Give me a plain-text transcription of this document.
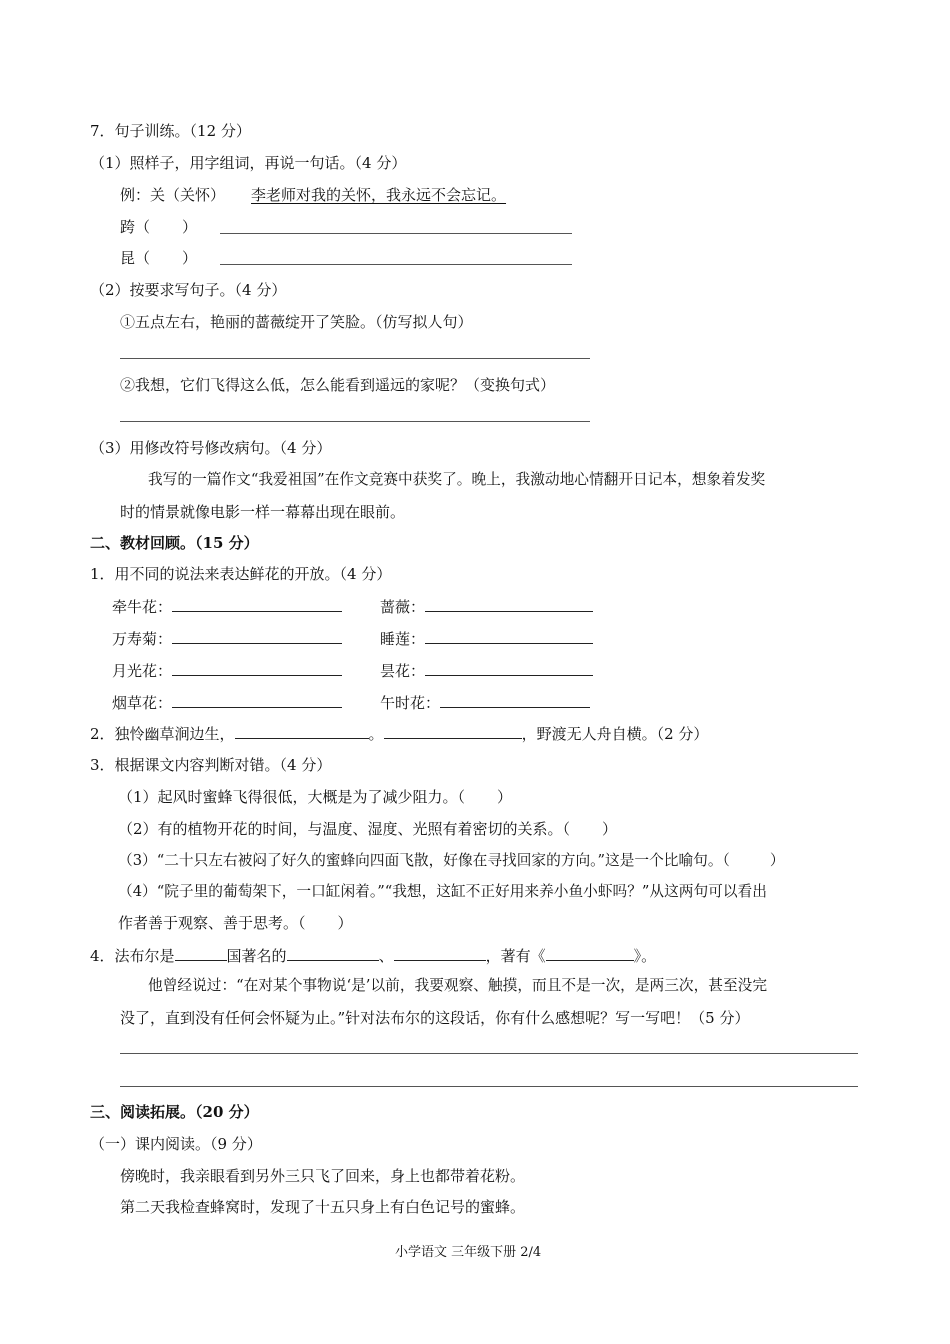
7．句子训练。（12 分）
（1）照样子，用字组词，再说一句话。（4 分）
例：关（关怀） 李老师对我的关怀，我永远不会忘记。
跨（ ）
昆（ ）
（2）按要求写句子。（4 分）
①五点左右，艳丽的蔷薇绽开了笑脸。（仿写拟人句）
②我想，它们飞得这么低，怎么能看到遥远的家呢？（变换句式）
（3）用修改符号修改病句。（4 分）
我写的一篇作文“我爱祖国”在作文竞赛中获奖了。晚上，我激动地心情翻开日记本，想象着发奖
时的情景就像电影一样一幕幕出现在眼前。
二、教材回顾。（15 分）
1．用不同的说法来表达鲜花的开放。（4 分）
牵牛花：	蔷薇：
万寿菊：	睡莲：
月光花：	昙花：
烟草花：	午时花：
2．独怜幽草涧边生，	。	，野渡无人舟自横。（2 分）
3．根据课文内容判断对错。（4 分）
（1）起风时蜜蜂飞得很低，大概是为了减少阻力。（ ）
（2）有的植物开花的时间，与温度、湿度、光照有着密切的关系。（ ）
（3）“二十只左右被闷了好久的蜜蜂向四面飞散，好像在寻找回家的方向。”这是一个比喻句。（	）
（4）“院子里的葡萄架下，一口缸闲着。”“我想，这缸不正好用来养小鱼小虾吗？”从这两句可以看出
作者善于观察、善于思考。（ ）
4．法布尔是	国著名的	、	，著有《	》。
他曾经说过：“在对某个事物说‘是’以前，我要观察、触摸，而且不是一次，是两三次，甚至没完
没了，直到没有任何会怀疑为止。”针对法布尔的这段话，你有什么感想呢？写一写吧！（5 分）
三、阅读拓展。（20 分）
（一）课内阅读。（9 分）
傍晚时，我亲眼看到另外三只飞了回来，身上也都带着花粉。
第二天我检查蜂窝时，发现了十五只身上有白色记号的蜜蜂。
小学语文 三年级下册 2/4
